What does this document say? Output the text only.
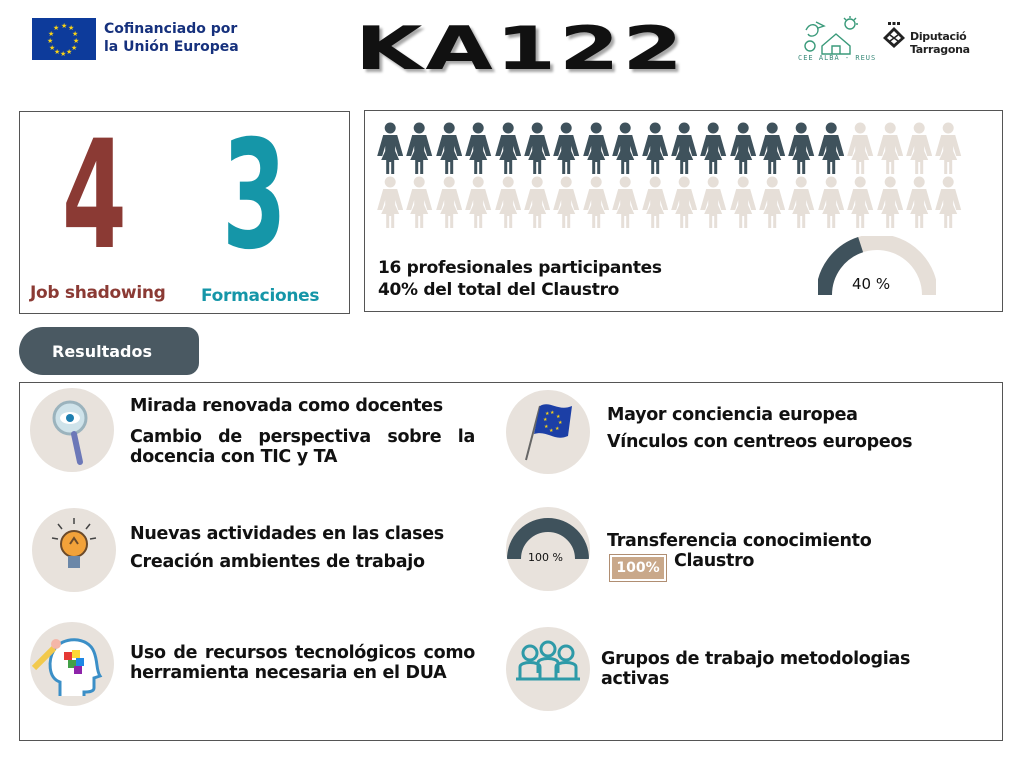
★ ★
★
★
★
★
★
★
★
★
★
★	Cofinanciado por
la Unión Europea KA122	CEE ALBA - REUS
Diputació Tarragona
4 3
Job shadowing Formaciones
16 profesionales participantes
40% del total del Claustro	40 %
Resultados
Mirada renovada como docentes
Cambio de perspectiva sobre la docencia con TIC y TA
Nuevas actividades en las clases
Creación ambientes de trabajo
Uso de recursos tecnológicos como herramienta necesaria en el DUA
★
★
★
★
★
★
★
★	Mayor conciencia europea
Vínculos con centreos europeos
100 %
100%
Transferencia conocimiento
Claustro
Grupos de trabajo metodologias activas
